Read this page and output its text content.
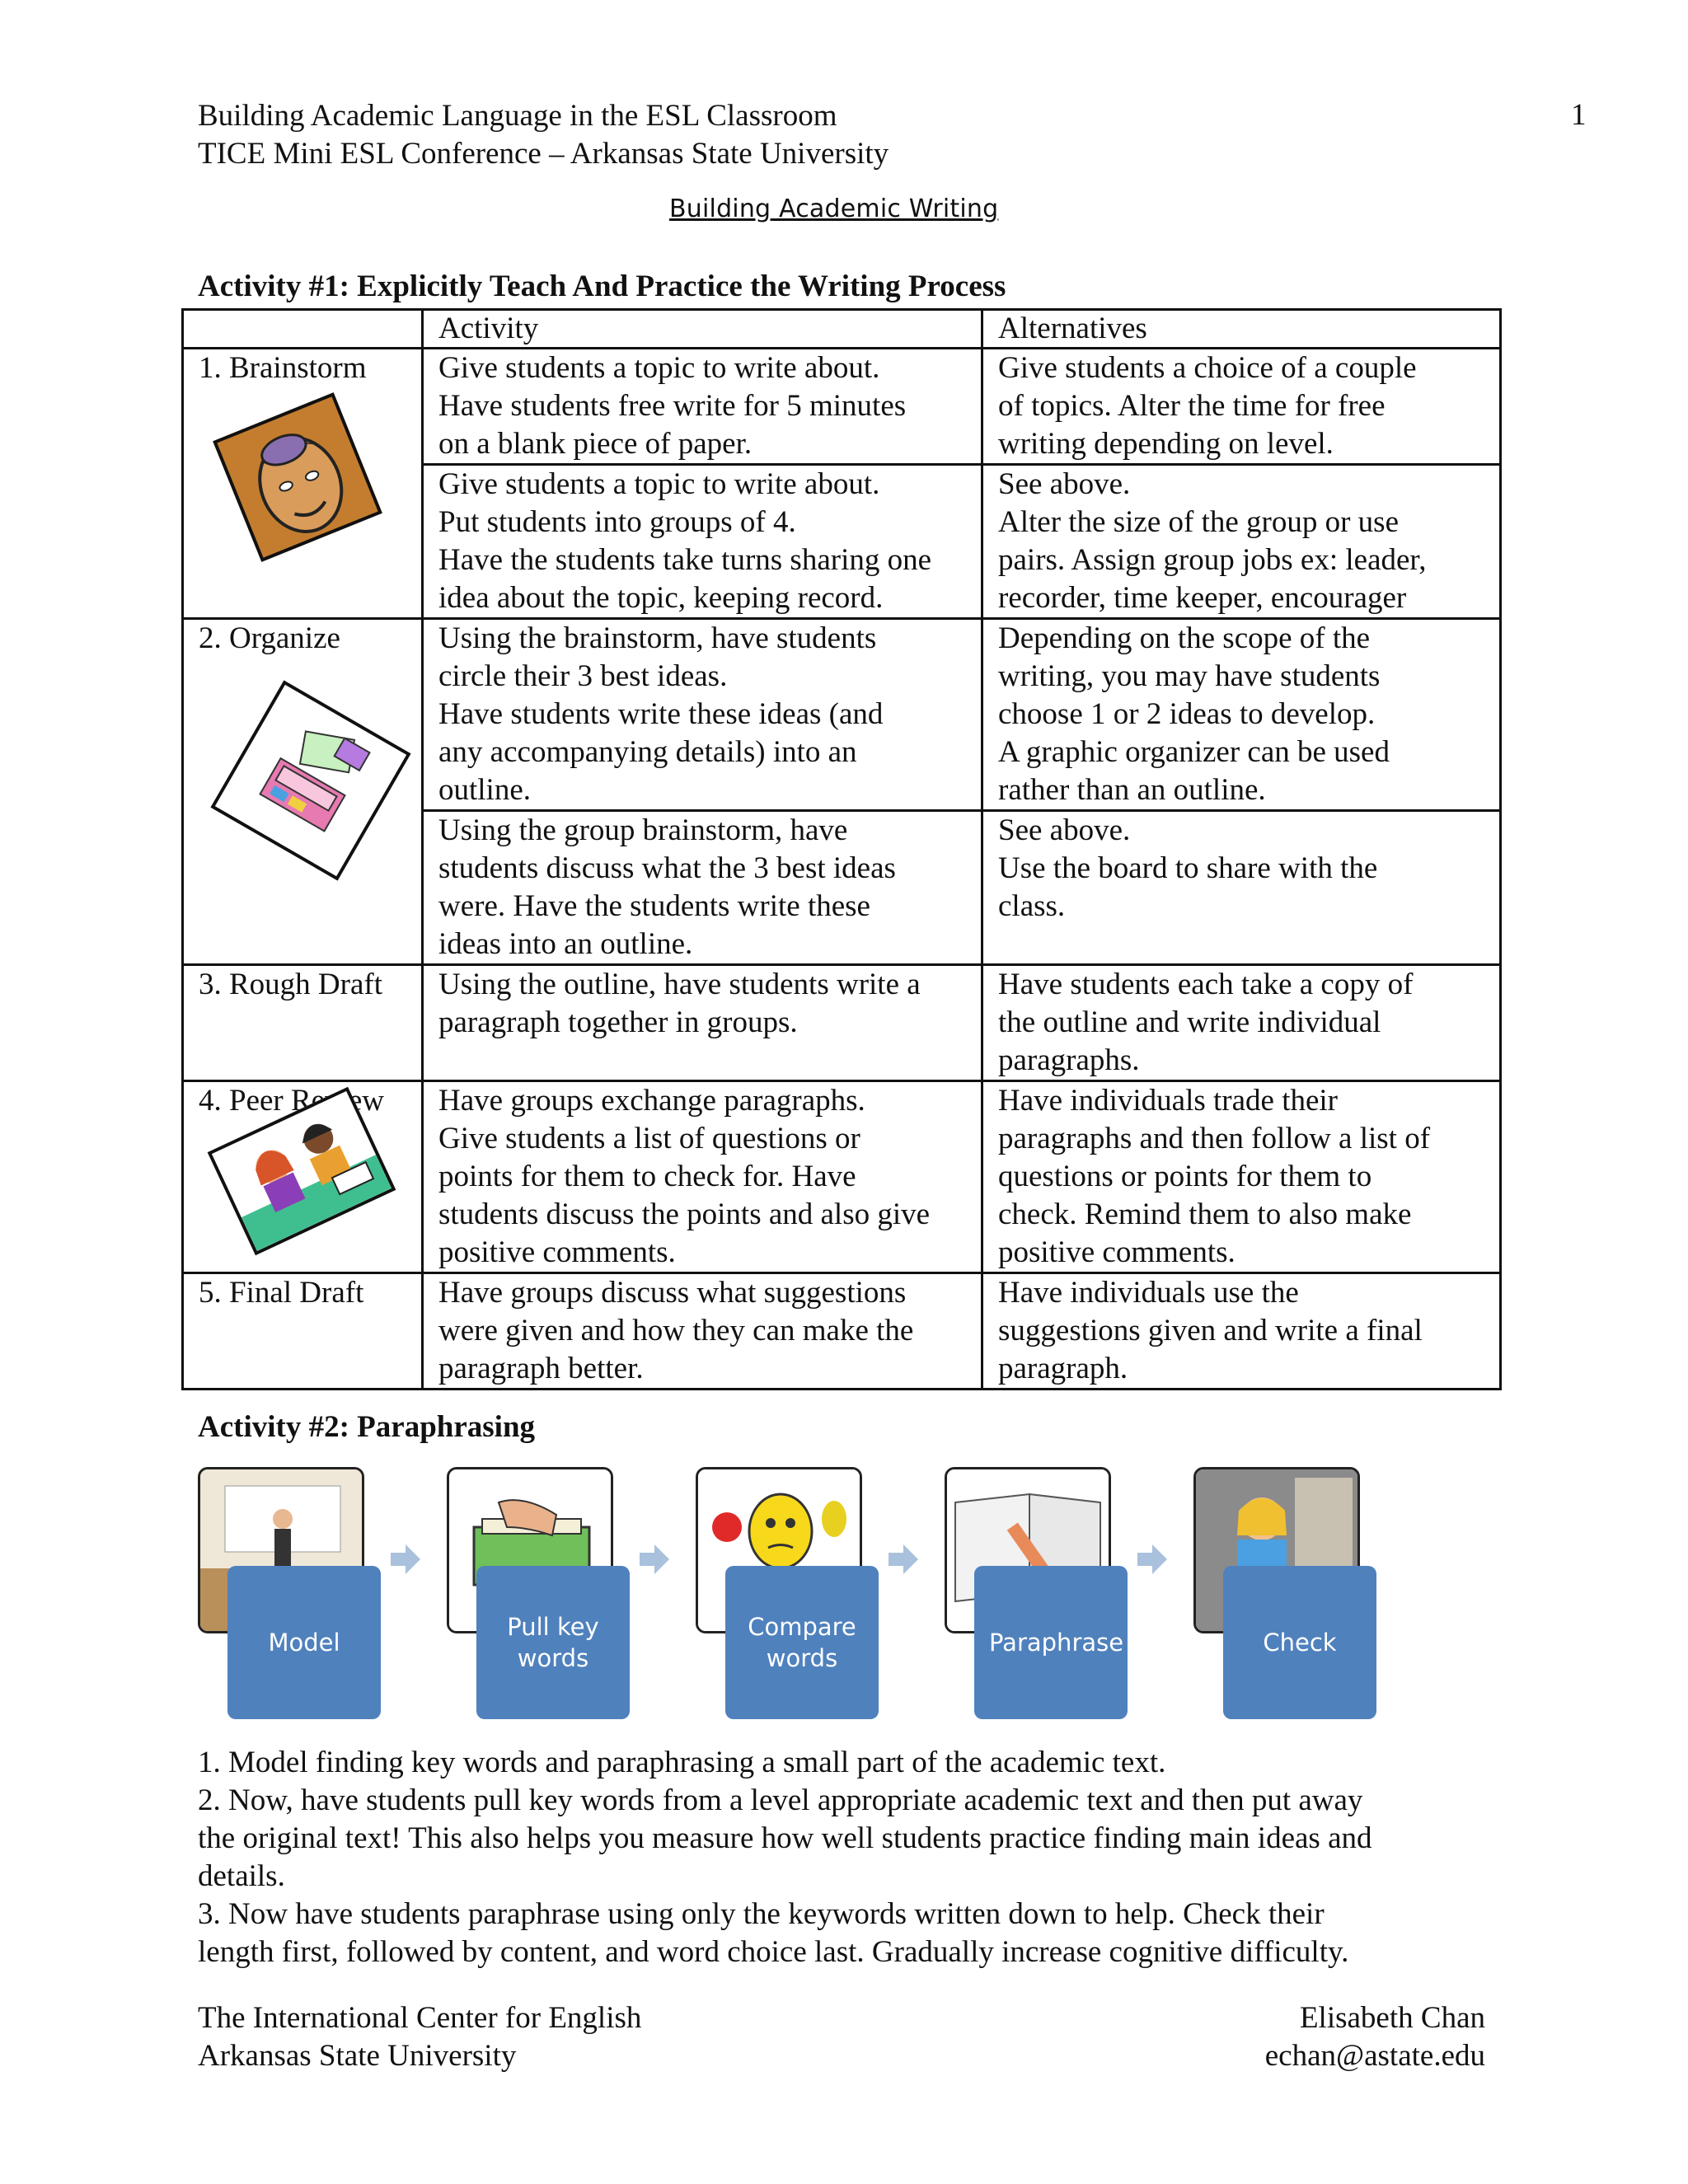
Building Academic Language in the ESL Classroom
TICE Mini ESL Conference – Arkansas State University
1
Building Academic Writing
Activity #1: Explicitly Teach And Practice the Writing Process
	Activity	Alternatives

1. Brainstorm	Give students a topic to write about.
Have students free write for 5 minutes
on a blank piece of paper.	Give students a choice of a couple
of topics. Alter the time for free
writing depending on level.

	Give students a topic to write about.
Put students into groups of 4.
Have the students take turns sharing one
idea about the topic, keeping record.	See above.
Alter the size of the group or use
pairs. Assign group jobs ex: leader,
recorder, time keeper, encourager

2. Organize	Using the brainstorm, have students
circle their 3 best ideas.
Have students write these ideas (and
any accompanying details) into an
outline.	Depending on the scope of the
writing, you may have students
choose 1 or 2 ideas to develop.
A graphic organizer can be used
rather than an outline.

	Using the group brainstorm, have
students discuss what the 3 best ideas
were. Have the students write these
ideas into an outline.	See above.
Use the board to share with the
class.

3. Rough Draft	Using the outline, have students write a
paragraph together in groups.	Have students each take a copy of
the outline and write individual
paragraphs.

4. Peer Review	Have groups exchange paragraphs.
Give students a list of questions or
points for them to check for. Have
students discuss the points and also give
positive comments.	Have individuals trade their
paragraphs and then follow a list of
questions or points for them to
check. Remind them to also make
positive comments.

5. Final Draft	Have groups discuss what suggestions
were given and how they can make the
paragraph better.	Have individuals use the
suggestions given and write a final
paragraph.
Activity #2: Paraphrasing
Model
Pull key words
Compare words
Paraphrase	Check
1. Model finding key words and paraphrasing a small part of the academic text.
2. Now, have students pull key words from a level appropriate academic text and then put away
the original text! This also helps you measure how well students practice finding main ideas and
details.
3. Now have students paraphrase using only the keywords written down to help. Check their
length first, followed by content, and word choice last. Gradually increase cognitive difficulty.
The International Center for English
Arkansas State University
Elisabeth Chan
echan@astate.edu
